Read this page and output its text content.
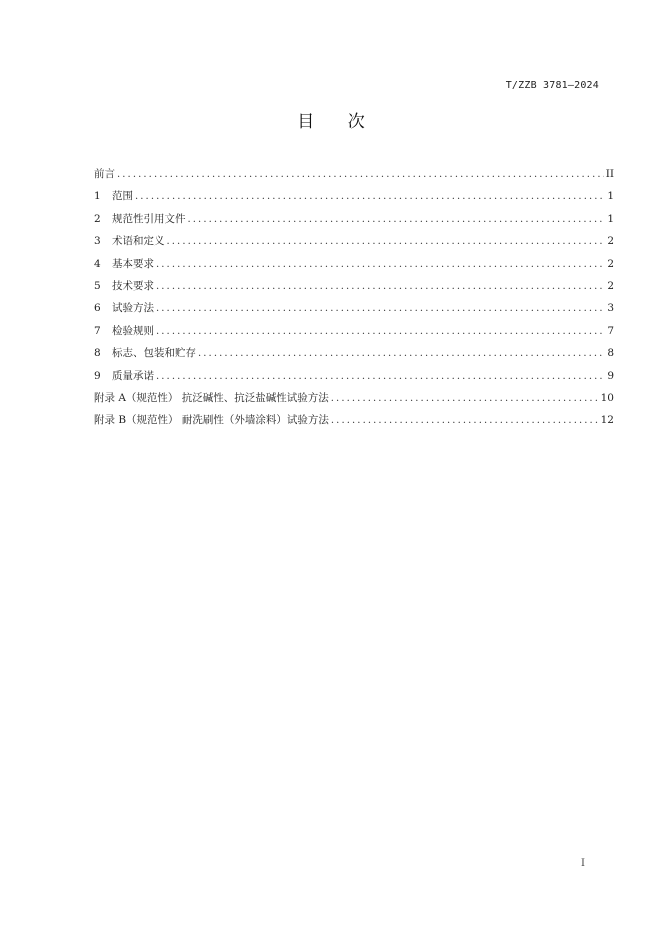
T/ZZB 3781—2024
目 次
前言 .....	II
1	范围 .....	1
2	规范性引用文件 .....	1
3	术语和定义 .....	2
4	基本要求 .....	2
5	技术要求 .....	2
6	试验方法 .....	3
7	检验规则 .....	7
8	标志、包装和贮存 .....	8
9	质量承诺 .....	9
附录 A（规范性） 抗泛碱性、抗泛盐碱性试验方法 .....	10
附录 B（规范性） 耐洗刷性（外墙涂料）试验方法 .....	12
I
